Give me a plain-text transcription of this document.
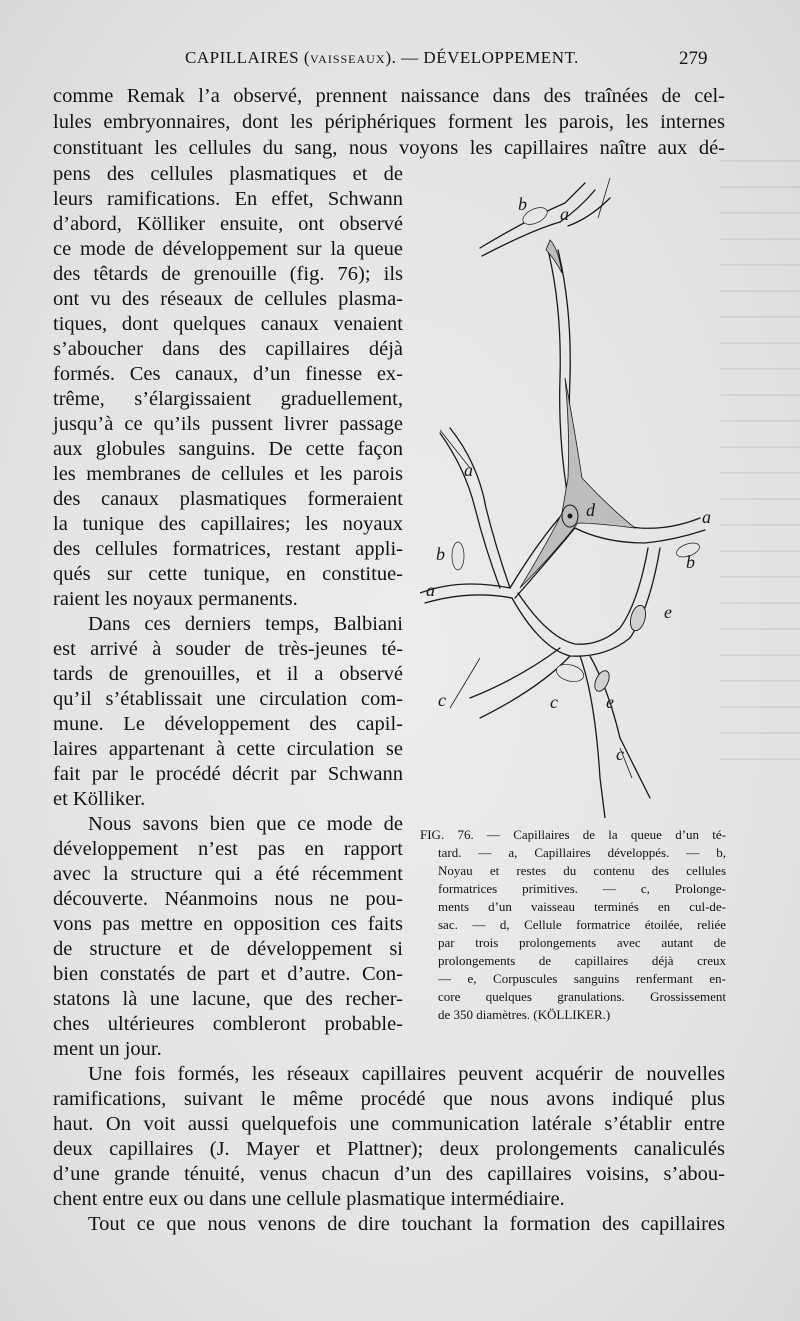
CAPILLAIRES (VAISSEAUX). — DÉVELOPPEMENT.	279
comme Remak l’a observé, prennent naissance dans des traînées de cel-
lules embryonnaires, dont les périphériques forment les parois, les internes
constituant les cellules du sang, nous voyons les capillaires naître aux dé-
pens des cellules plasmatiques et de
leurs ramifications. En effet, Schwann
d’abord, Kölliker ensuite, ont observé
ce mode de développement sur la queue
des têtards de grenouille (fig. 76); ils
ont vu des réseaux de cellules plasma-
tiques, dont quelques canaux venaient
s’aboucher dans des capillaires déjà
formés. Ces canaux, d’un finesse ex-
trême, s’élargissaient graduellement,
jusqu’à ce qu’ils pussent livrer passage
aux globules sanguins. De cette façon
les membranes de cellules et les parois
des canaux plasmatiques formeraient
la tunique des capillaires; les noyaux
des cellules formatrices, restant appli-
qués sur cette tunique, en constitue-
raient les noyaux permanents.
Dans ces derniers temps, Balbiani
est arrivé à souder de très-jeunes té-
tards de grenouilles, et il a observé
qu’il s’établissait une circulation com-
mune. Le développement des capil-
laires appartenant à cette circulation se
fait par le procédé décrit par Schwann
et Kölliker.
Nous savons bien que ce mode de
développement n’est pas en rapport
avec la structure qui a été récemment
découverte. Néanmoins nous ne pou-
vons pas mettre en opposition ces faits
de structure et de développement si
bien constatés de part et d’autre. Con-
statons là une lacune, que des recher-
ches ultérieures combleront probable-
ment un jour.
Une fois formés, les réseaux capillaires peuvent acquérir de nouvelles
ramifications, suivant le même procédé que nous avons indiqué plus
haut. On voit aussi quelquefois une communication latérale s’établir entre
deux capillaires (J. Mayer et Plattner); deux prolongements canaliculés
d’une grande ténuité, venus chacun d’un des capillaires voisins, s’abou-
chent entre eux ou dans une cellule plasmatique intermédiaire.
Tout ce que nous venons de dire touchant la formation des capillaires
b a
a
d	a
b	b
a
e
c	c	e
c
FIG. 76. — Capillaires de la queue d’un té-
tard. — a, Capillaires développés. — b,
Noyau et restes du contenu des cellules
formatrices primitives. — c, Prolonge-
ments d’un vaisseau terminés en cul-de-
sac. — d, Cellule formatrice étoilée, reliée
par trois prolongements avec autant de
prolongements de capillaires déjà creux
— e, Corpuscules sanguins renfermant en-
core quelques granulations. Grossissement
de 350 diamètres. (KÖLLIKER.)
